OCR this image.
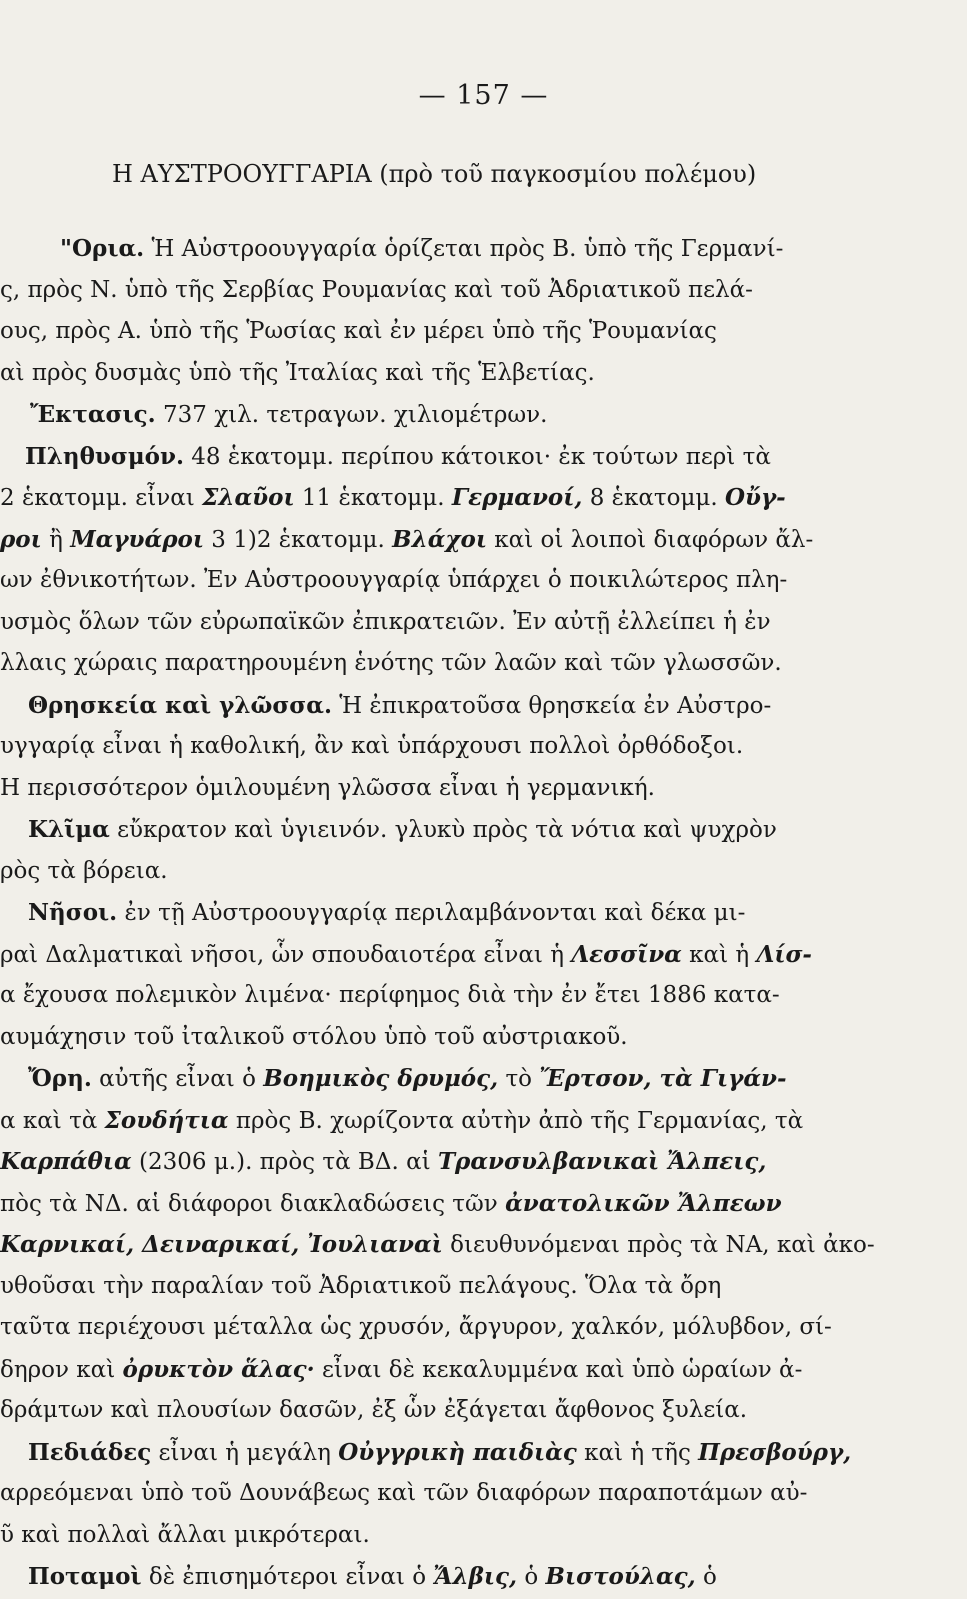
— 157 —
Η ΑΥΣΤΡΟΟΥΓΓΑΡΙΑ (πρὸ τοῦ παγκοσμίου πολέμου)
"Ορια. Ἡ Αὐστροουγγαρία ὁρίζεται πρὸς Β. ὑπὸ τῆς Γερμανί-
ς, πρὸς Ν. ὑπὸ τῆς Σερβίας Ρουμανίας καὶ τοῦ Ἀδριατικοῦ πελά-
ους, πρὸς Α. ὑπὸ τῆς Ῥωσίας καὶ ἐν μέρει ὑπὸ τῆς Ῥουμανίας
αὶ πρὸς δυσμὰς ὑπὸ τῆς Ἰταλίας καὶ τῆς Ἑλβετίας.
Ἔκτασις. 737 χιλ. τετραγων. χιλιομέτρων.
Πληθυσμόν. 48 ἑκατομμ. περίπου κάτοικοι· ἐκ τούτων περὶ τὰ
2 ἑκατομμ. εἶναι Σλαῦοι 11 ἑκατομμ. Γερμανοί, 8 ἑκατομμ. Οὔγ-
ροι ἢ Μαγυάροι 3 1)2 ἑκατομμ. Βλάχοι καὶ οἱ λοιποὶ διαφόρων ἄλ-
ων ἐθνικοτήτων. Ἐν Αὐστροουγγαρίᾳ ὑπάρχει ὁ ποικιλώτερος πλη-
υσμὸς ὅλων τῶν εὐρωπαϊκῶν ἐπικρατειῶν. Ἐν αὐτῇ ἐλλείπει ἡ ἐν
λλαις χώραις παρατηρουμένη ἑνότης τῶν λαῶν καὶ τῶν γλωσσῶν.
Θρησκεία καὶ γλῶσσα. Ἡ ἐπικρατοῦσα θρησκεία ἐν Αὐστρο-
υγγαρίᾳ εἶναι ἡ καθολική, ἂν καὶ ὑπάρχουσι πολλοὶ ὀρθόδοξοι.
Η περισσότερον ὁμιλουμένη γλῶσσα εἶναι ἡ γερμανική.
Κλῖμα εὔκρατον καὶ ὑγιεινόν. γλυκὺ πρὸς τὰ νότια καὶ ψυχρὸν
ρὸς τὰ βόρεια.
Νῆσοι. ἐν τῇ Αὐστροουγγαρίᾳ περιλαμβάνονται καὶ δέκα μι-
ραὶ Δαλματικαὶ νῆσοι, ὧν σπουδαιοτέρα εἶναι ἡ Λεσσῖνα καὶ ἡ Λίσ-
α ἔχουσα πολεμικὸν λιμένα· περίφημος διὰ τὴν ἐν ἔτει 1886 κατα-
αυμάχησιν τοῦ ἰταλικοῦ στόλου ὑπὸ τοῦ αὐστριακοῦ.
Ὄρη. αὐτῆς εἶναι ὁ Βοημικὸς δρυμός, τὸ Ἔρτσον, τὰ Γιγάν-
α καὶ τὰ Σουδήτια πρὸς Β. χωρίζοντα αὐτὴν ἀπὸ τῆς Γερμανίας, τὰ
Καρπάθια (2306 μ.). πρὸς τὰ ΒΔ. αἱ Τρανσυλβανικαὶ Ἄλπεις,
πὸς τὰ ΝΔ. αἱ διάφοροι διακλαδώσεις τῶν ἀνατολικῶν Ἄλπεων
Καρνικαί, Δειναρικαί, Ἰουλιαναὶ διευθυνόμεναι πρὸς τὰ ΝΑ, καὶ ἀκο-
υθοῦσαι τὴν παραλίαν τοῦ Ἀδριατικοῦ πελάγους. Ὅλα τὰ ὄρη
ταῦτα περιέχουσι μέταλλα ὡς χρυσόν, ἄργυρον, χαλκόν, μόλυβδον, σί-
δηρον καὶ ὀρυκτὸν ἅλας· εἶναι δὲ κεκαλυμμένα καὶ ὑπὸ ὡραίων ἀ-
δράμτων καὶ πλουσίων δασῶν, ἐξ ὧν ἐξάγεται ἄφθονος ξυλεία.
Πεδιάδες εἶναι ἡ μεγάλη Οὐγγρικὴ παιδιὰς καὶ ἡ τῆς Πρεσβούργ,
αρρεόμεναι ὑπὸ τοῦ Δουνάβεως καὶ τῶν διαφόρων παραποτάμων αὐ-
ῦ καὶ πολλαὶ ἄλλαι μικρότεραι.
Ποταμοὶ δὲ ἐπισημότεροι εἶναι ὁ Ἄλβις, ὁ Βιστούλας, ὁ
